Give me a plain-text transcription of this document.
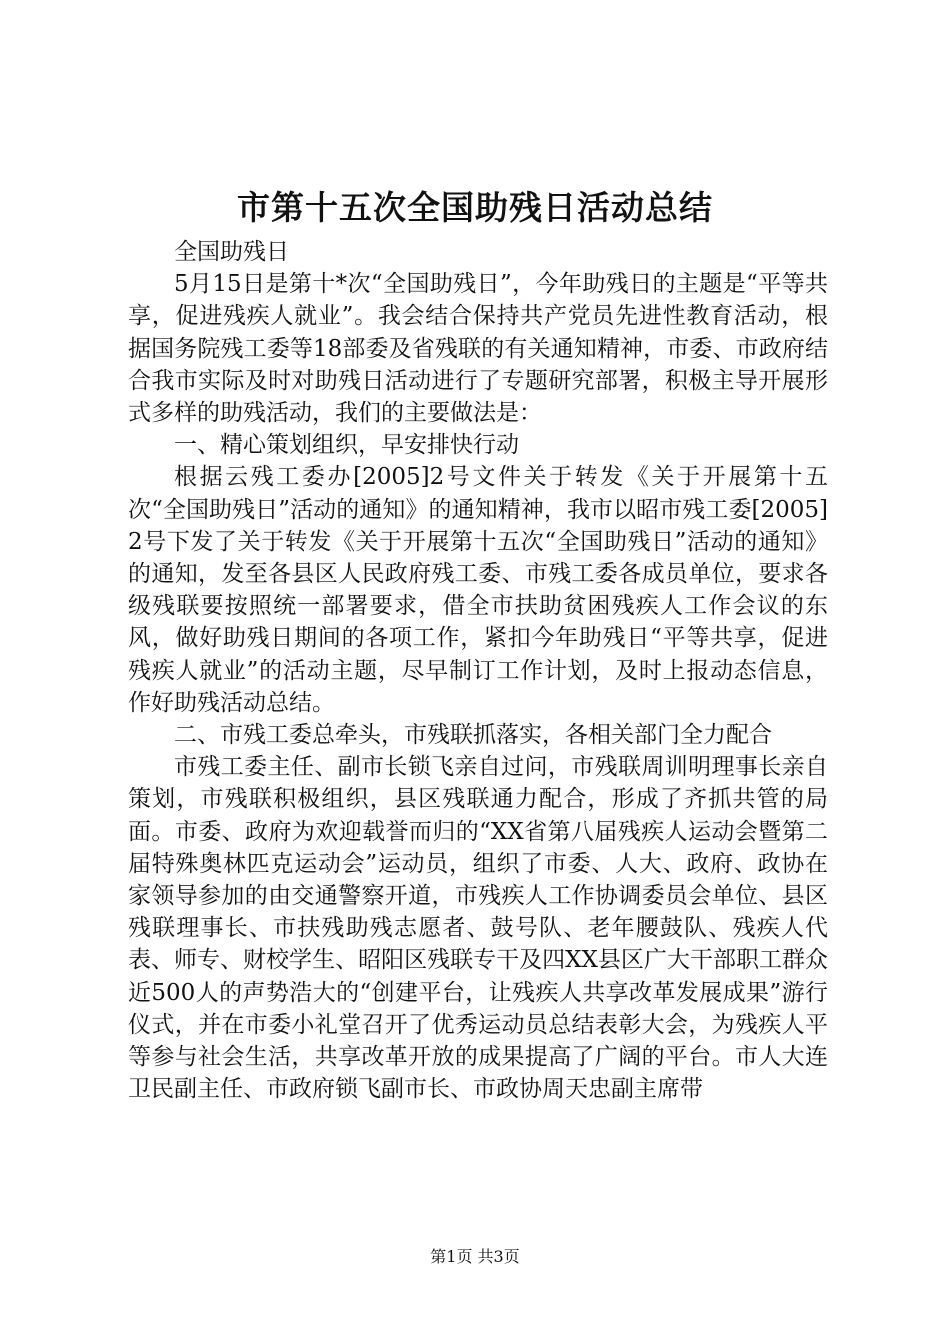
市第十五次全国助残日活动总结

全国助残日

5月15日是第十*次“全国助残日”，今年助残日的主题是“平等共享，促进残疾人就业”。我会结合保持共产党员先进性教育活动，根据国务院残工委等18部委及省残联的有关通知精神，市委、市政府结合我市实际及时对助残日活动进行了专题研究部署，积极主导开展形式多样的助残活动，我们的主要做法是：

一、精心策划组织，早安排快行动

根据云残工委办[2005]2号文件关于转发《关于开展第十五次“全国助残日”活动的通知》的通知精神，我市以昭市残工委[2005]2号下发了关于转发《关于开展第十五次“全国助残日”活动的通知》的通知，发至各县区人民政府残工委、市残工委各成员单位，要求各级残联要按照统一部署要求，借全市扶助贫困残疾人工作会议的东风，做好助残日期间的各项工作，紧扣今年助残日“平等共享，促进残疾人就业”的活动主题，尽早制订工作计划，及时上报动态信息，作好助残活动总结。

二、市残工委总牵头，市残联抓落实，各相关部门全力配合

市残工委主任、副市长锁飞亲自过问，市残联周训明理事长亲自策划，市残联积极组织，县区残联通力配合，形成了齐抓共管的局面。市委、政府为欢迎载誉而归的“XX省第八届残疾人运动会暨第二届特殊奥林匹克运动会”运动员，组织了市委、人大、政府、政协在家领导参加的由交通警察开道，市残疾人工作协调委员会单位、县区残联理事长、市扶残助残志愿者、鼓号队、老年腰鼓队、残疾人代表、师专、财校学生、昭阳区残联专干及四XX县区广大干部职工群众近500人的声势浩大的“创建平台，让残疾人共享改革发展成果”游行仪式，并在市委小礼堂召开了优秀运动员总结表彰大会，为残疾人平等参与社会生活，共享改革开放的成果提高了广阔的平台。市人大连卫民副主任、市政府锁飞副市长、市政协周天忠副主席带

第1页 共3页
